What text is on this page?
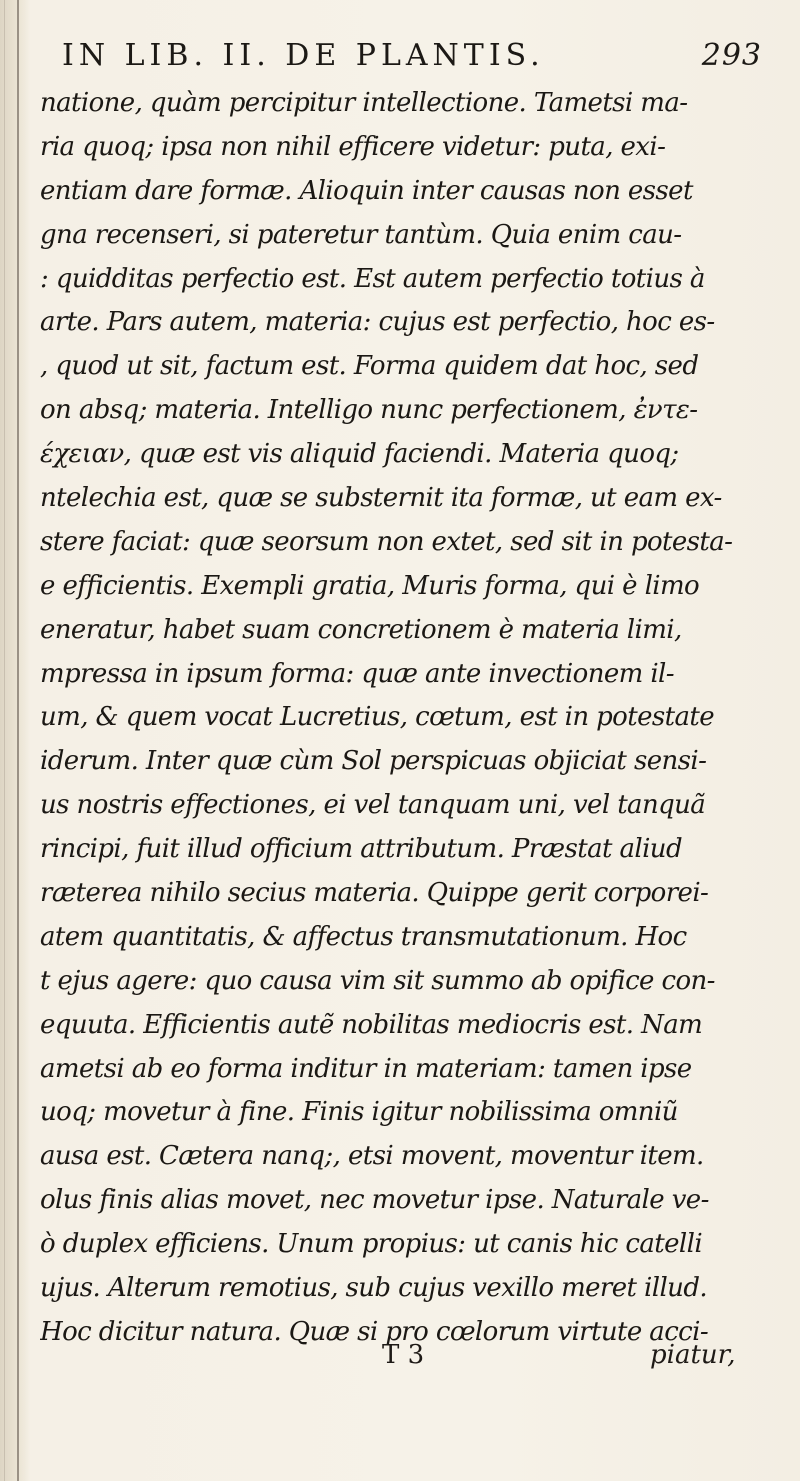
IN LIB. II. DE PLANTIS.	293
natione, quàm percipitur intellectione. Tametsi ma-
ria quoq; ipsa non nihil efficere videtur: puta, exi-
entiam dare formæ. Alioquin inter causas non esset
gna recenseri, si pateretur tantùm. Quia enim cau-
: quidditas perfectio est. Est autem perfectio totius à
arte. Pars autem, materia: cujus est perfectio, hoc es-
, quod ut sit, factum est. Forma quidem dat hoc, sed
on absq; materia. Intelligo nunc perfectionem, ἐντε-
έχειαν, quæ est vis aliquid faciendi. Materia quoq;
ntelechia est, quæ se substernit ita formæ, ut eam ex-
stere faciat: quæ seorsum non extet, sed sit in potesta-
e efficientis. Exempli gratia, Muris forma, qui è limo
eneratur, habet suam concretionem è materia limi,
mpressa in ipsum forma: quæ ante invectionem il-
um, & quem vocat Lucretius, cœtum, est in potestate
iderum. Inter quæ cùm Sol perspicuas objiciat sensi-
us nostris effectiones, ei vel tanquam uni, vel tanquã
rincipi, fuit illud officium attributum. Præstat aliud
ræterea nihilo secius materia. Quippe gerit corporei-
atem quantitatis, & affectus transmutationum. Hoc
t ejus agere: quo causa vim sit summo ab opifice con-
equuta. Efficientis autẽ nobilitas mediocris est. Nam
ametsi ab eo forma inditur in materiam: tamen ipse
uoq; movetur à fine. Finis igitur nobilissima omniũ
ausa est. Cætera nanq;, etsi movent, moventur item.
olus finis alias movet, nec movetur ipse. Naturale ve-
ò duplex efficiens. Unum propius: ut canis hic catelli
ujus. Alterum remotius, sub cujus vexillo meret illud.
Hoc dicitur natura. Quæ si pro cœlorum virtute acci-
T 3	piatur,
